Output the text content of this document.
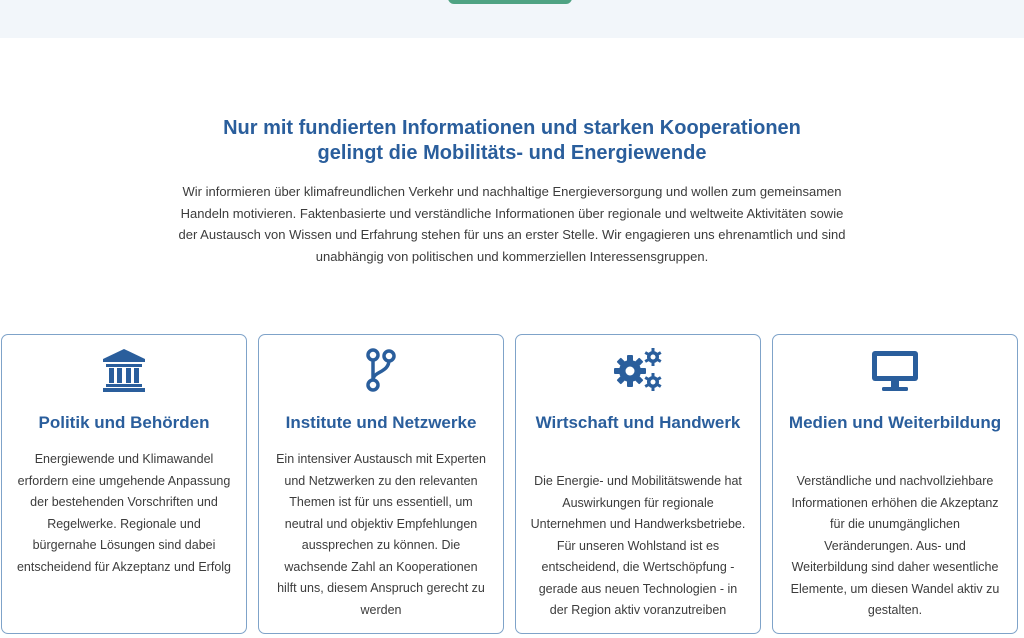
Nur mit fundierten Informationen und starken Kooperationen
gelingt die Mobilitäts- und Energiewende

Wir informieren über klimafreundlichen Verkehr und nachhaltige Energieversorgung und wollen zum gemeinsamen Handeln motivieren. Faktenbasierte und verständliche Informationen über regionale und weltweite Aktivitäten sowie der Austausch von Wissen und Erfahrung stehen für uns an erster Stelle. Wir engagieren uns ehrenamtlich und sind unabhängig von politischen und kommerziellen Interessensgruppen.

Politik und Behörden

Energiewende und Klimawandel erfordern eine umgehende Anpassung der bestehenden Vorschriften und Regelwerke. Regionale und bürgernahe Lösungen sind dabei entscheidend für Akzeptanz und Erfolg

Institute und Netzwerke

Ein intensiver Austausch mit Experten und Netzwerken zu den relevanten Themen ist für uns essentiell, um neutral und objektiv Empfehlungen aussprechen zu können. Die wachsende Zahl an Kooperationen hilft uns, diesem Anspruch gerecht zu werden

Wirtschaft und Handwerk

Die Energie- und Mobilitätswende hat Auswirkungen für regionale Unternehmen und Handwerksbetriebe. Für unseren Wohlstand ist es entscheidend, die Wertschöpfung - gerade aus neuen Technologien - in der Region aktiv voranzutreiben

Medien und Weiterbildung

Verständliche und nachvollziehbare Informationen erhöhen die Akzeptanz für die unumgänglichen Veränderungen. Aus- und Weiterbildung sind daher wesentliche Elemente, um diesen Wandel aktiv zu gestalten.
